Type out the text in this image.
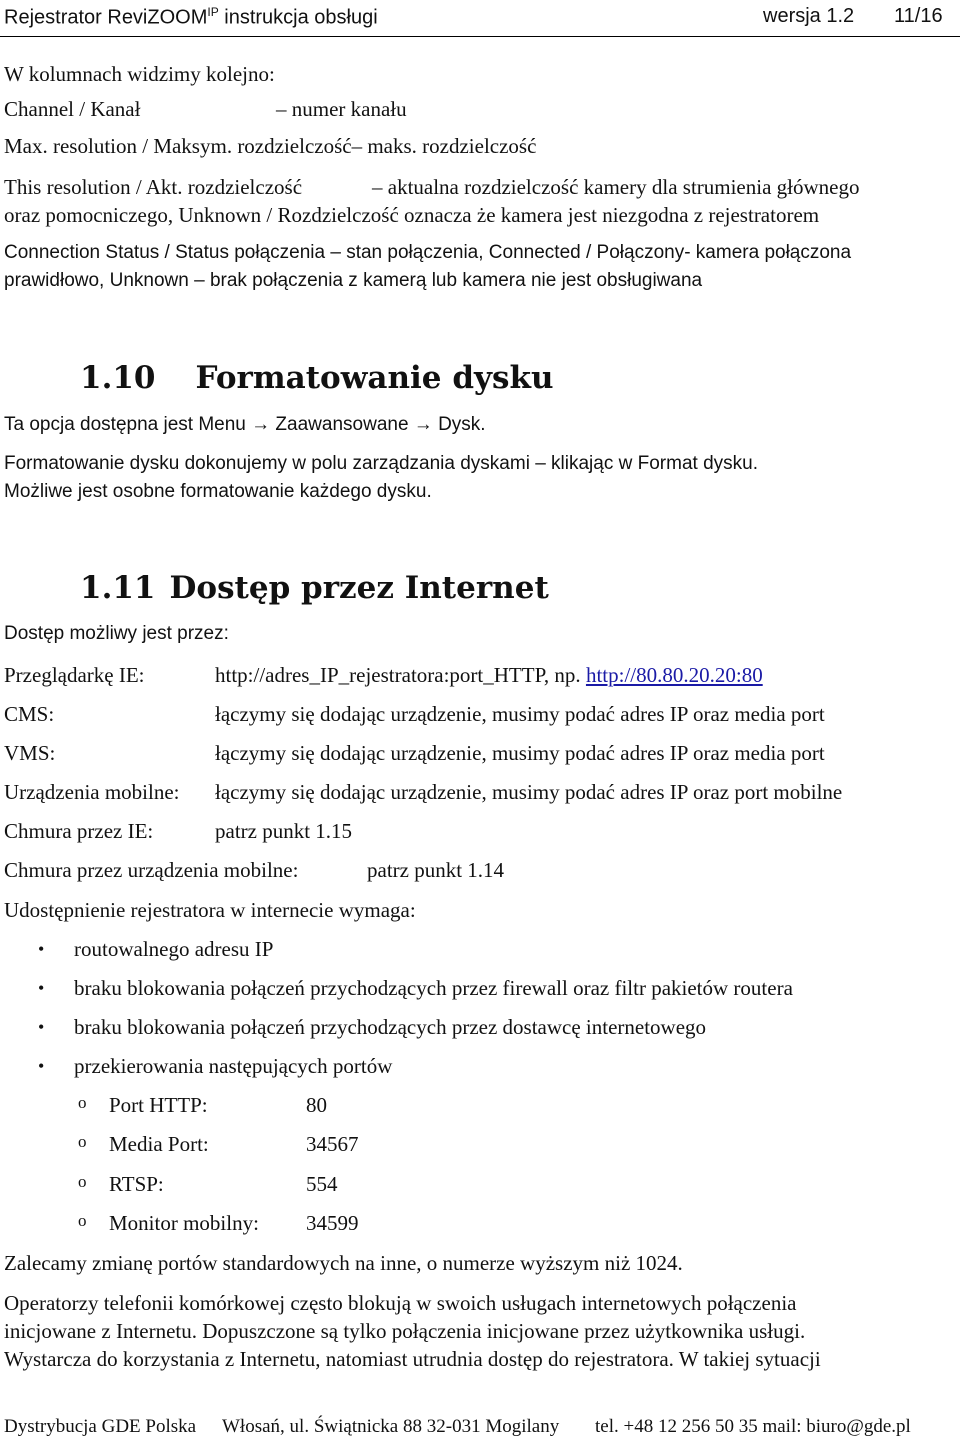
Rejestrator ReviZOOM$^{IP}$ instrukcja obsługi	wersja 1.2 11/16
W kolumnach widzimy kolejno:
Channel / Kanał	– numer kanału
Max. resolution / Maksym. rozdzielczość– maks. rozdzielczość
This resolution / Akt. rozdzielczość	– aktualna rozdzielczość kamery dla strumienia głównego
oraz pomocniczego, Unknown / Rozdzielczość oznacza że kamera jest niezgodna z rejestratorem
Connection Status / Status połączenia – stan połączenia, Connected / Połączony- kamera połączona
prawidłowo, Unknown – brak połączenia z kamerą lub kamera nie jest obsługiwana
1.10 Formatowanie dysku
Ta opcja dostępna jest Menu → Zaawansowane → Dysk.
Formatowanie dysku dokonujemy w polu zarządzania dyskami – klikając w Format dysku.
Możliwe jest osobne formatowanie każdego dysku.
1.11 Dostęp przez Internet
Dostęp możliwy jest przez:
Przeglądarkę IE:	http://adres_IP_rejestratora:port_HTTP, np. http://80.80.20.20:80
CMS:	łączymy się dodając urządzenie, musimy podać adres IP oraz media port
VMS:	łączymy się dodając urządzenie, musimy podać adres IP oraz media port
Urządzenia mobilne: łączymy się dodając urządzenie, musimy podać adres IP oraz port mobilne
Chmura przez IE:	patrz punkt 1.15
Chmura przez urządzenia mobilne:	patrz punkt 1.14
Udostępnienie rejestratora w internecie wymaga:
• routowalnego adresu IP
• braku blokowania połączeń przychodzących przez firewall oraz filtr pakietów routera
• braku blokowania połączeń przychodzących przez dostawcę internetowego
• przekierowania następujących portów
o Port HTTP:	80
o Media Port:	34567
o RTSP:	554
o Monitor mobilny: 34599
Zalecamy zmianę portów standardowych na inne, o numerze wyższym niż 1024.
Operatorzy telefonii komórkowej często blokują w swoich usługach internetowych połączenia
inicjowane z Internetu. Dopuszczone są tylko połączenia inicjowane przez użytkownika usługi.
Wystarcza do korzystania z Internetu, natomiast utrudnia dostęp do rejestratora. W takiej sytuacji
Dystrybucja GDE Polska Włosań, ul. Świątnicka 88 32-031 Mogilany tel. +48 12 256 50 35 mail: biuro@gde.pl
